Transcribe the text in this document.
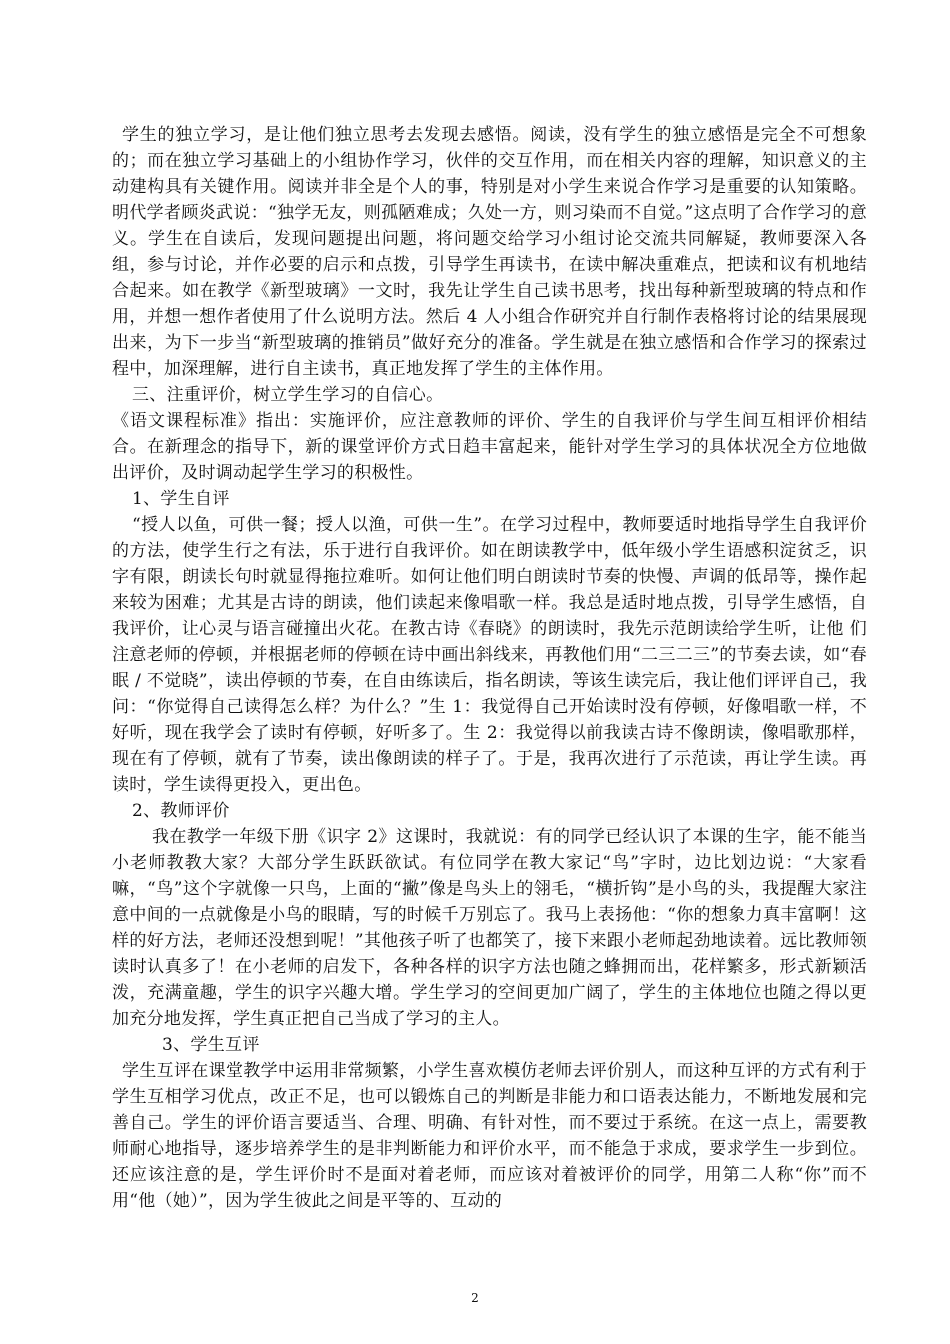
学生的独立学习，是让他们独立思考去发现去感悟。阅读，没有学生的独立感悟是完全不可想象的；而在独立学习基础上的小组协作学习，伙伴的交互作用，而在相关内容的理解，知识意义的主动建构具有关键作用。阅读并非全是个人的事，特别是对小学生来说合作学习是重要的认知策略。明代学者顾炎武说：“独学无友，则孤陋难成；久处一方，则习染而不自觉。”这点明了合作学习的意义。学生在自读后，发现问题提出问题，将问题交给学习小组讨论交流共同解疑，教师要深入各组，参与讨论，并作必要的启示和点拨，引导学生再读书，在读中解决重难点，把读和议有机地结合起来。如在教学《新型玻璃》一文时，我先让学生自己读书思考，找出每种新型玻璃的特点和作用，并想一想作者使用了什么说明方法。然后 4 人小组合作研究并自行制作表格将讨论的结果展现出来，为下一步当“新型玻璃的推销员”做好充分的准备。学生就是在独立感悟和合作学习的探索过程中，加深理解，进行自主读书，真正地发挥了学生的主体作用。

三、注重评价，树立学生学习的自信心。

《语文课程标准》指出：实施评价，应注意教师的评价、学生的自我评价与学生间互相评价相结合。在新理念的指导下，新的课堂评价方式日趋丰富起来，能针对学生学习的具体状况全方位地做出评价，及时调动起学生学习的积极性。

1、学生自评

“授人以鱼，可供一餐；授人以渔，可供一生”。在学习过程中，教师要适时地指导学生自我评价的方法，使学生行之有法，乐于进行自我评价。如在朗读教学中，低年级小学生语感积淀贫乏，识字有限，朗读长句时就显得拖拉难听。如何让他们明白朗读时节奏的快慢、声调的低昂等，操作起来较为困难；尤其是古诗的朗读，他们读起来像唱歌一样。我总是适时地点拨，引导学生感悟，自我评价，让心灵与语言碰撞出火花。在教古诗《春晓》的朗读时，我先示范朗读给学生听，让他 们注意老师的停顿，并根据老师的停顿在诗中画出斜线来，再教他们用“二三二三”的节奏去读，如“春眠 / 不觉晓”，读出停顿的节奏，在自由练读后，指名朗读，等该生读完后，我让他们评评自己，我问：“你觉得自己读得怎么样？为什么？”生 1：我觉得自己开始读时没有停顿，好像唱歌一样，不好听，现在我学会了读时有停顿，好听多了。生 2：我觉得以前我读古诗不像朗读，像唱歌那样，现在有了停顿，就有了节奏，读出像朗读的样子了。于是，我再次进行了示范读，再让学生读。再读时，学生读得更投入，更出色。

2、教师评价

我在教学一年级下册《识字 2》这课时，我就说：有的同学已经认识了本课的生字，能不能当小老师教教大家？大部分学生跃跃欲试。有位同学在教大家记“鸟”字时，边比划边说：“大家看嘛，“鸟”这个字就像一只鸟，上面的“撇”像是鸟头上的翎毛，“横折钩”是小鸟的头，我提醒大家注意中间的一点就像是小鸟的眼睛，写的时候千万别忘了。我马上表扬他：“你的想象力真丰富啊！这样的好方法，老师还没想到呢！”其他孩子听了也都笑了，接下来跟小老师起劲地读着。远比教师领读时认真多了！在小老师的启发下，各种各样的识字方法也随之蜂拥而出，花样繁多，形式新颖活泼，充满童趣，学生的识字兴趣大增。学生学习的空间更加广阔了，学生的主体地位也随之得以更加充分地发挥，学生真正把自己当成了学习的主人。

3、学生互评

学生互评在课堂教学中运用非常频繁，小学生喜欢模仿老师去评价别人，而这种互评的方式有利于学生互相学习优点，改正不足，也可以锻炼自己的判断是非能力和口语表达能力，不断地发展和完善自己。学生的评价语言要适当、合理、明确、有针对性，而不要过于系统。在这一点上，需要教师耐心地指导，逐步培养学生的是非判断能力和评价水平，而不能急于求成，要求学生一步到位。还应该注意的是，学生评价时不是面对着老师，而应该对着被评价的同学，用第二人称“你”而不用“他（她）”，因为学生彼此之间是平等的、互动的

2
